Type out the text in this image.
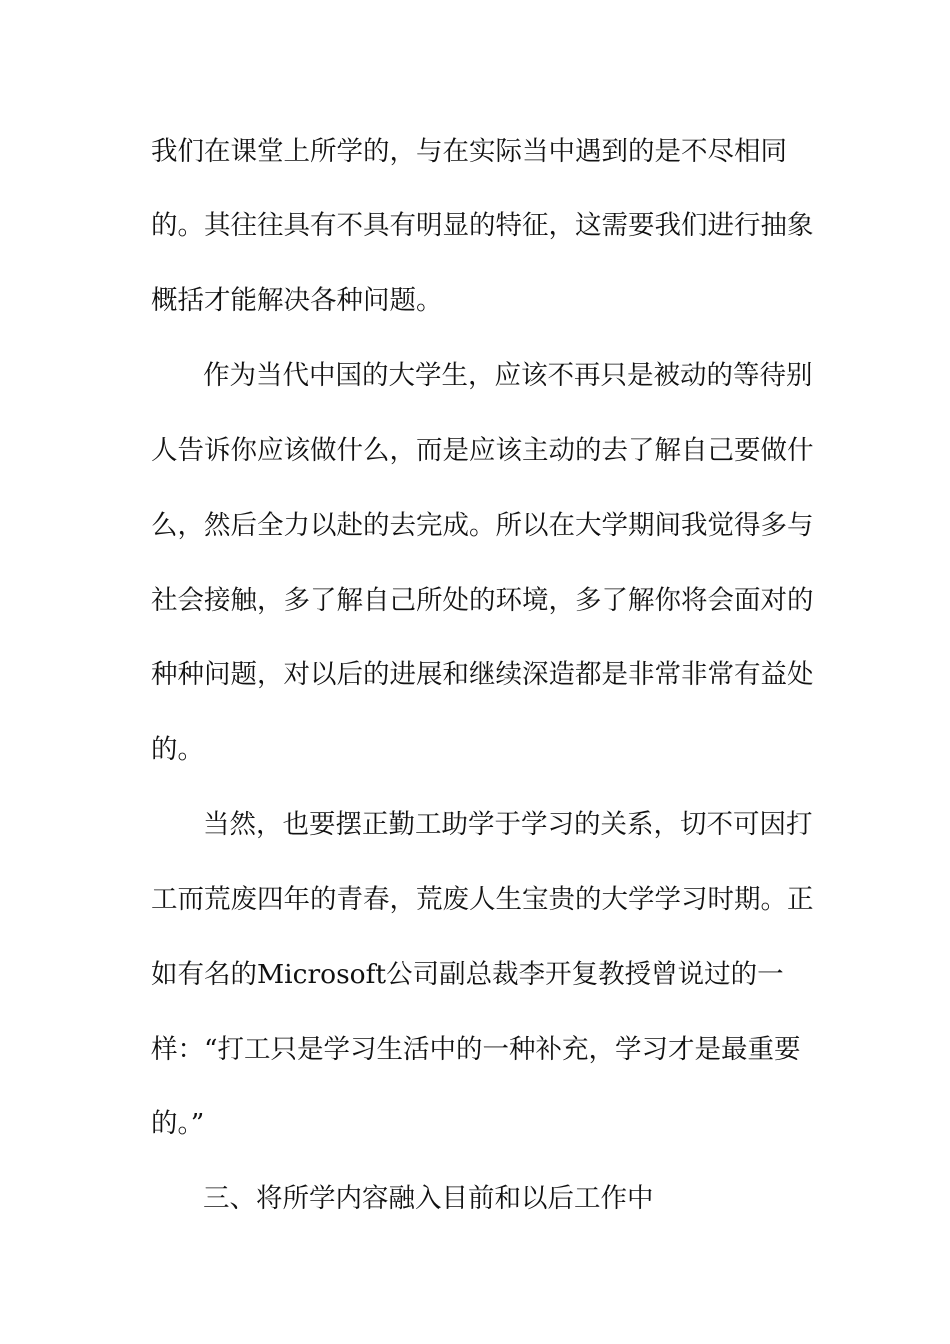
我们在课堂上所学的，与在实际当中遇到的是不尽相同

的。其往往具有不具有明显的特征，这需要我们进行抽象

概括才能解决各种问题。

作为当代中国的大学生，应该不再只是被动的等待别

人告诉你应该做什么，而是应该主动的去了解自己要做什

么，然后全力以赴的去完成。所以在大学期间我觉得多与

社会接触，多了解自己所处的环境，多了解你将会面对的

种种问题，对以后的进展和继续深造都是非常非常有益处

的。

当然，也要摆正勤工助学于学习的关系，切不可因打

工而荒废四年的青春，荒废人生宝贵的大学学习时期。正

如有名的Microsoft公司副总裁李开复教授曾说过的一

样：“打工只是学习生活中的一种补充，学习才是最重要

的。”

三、将所学内容融入目前和以后工作中
